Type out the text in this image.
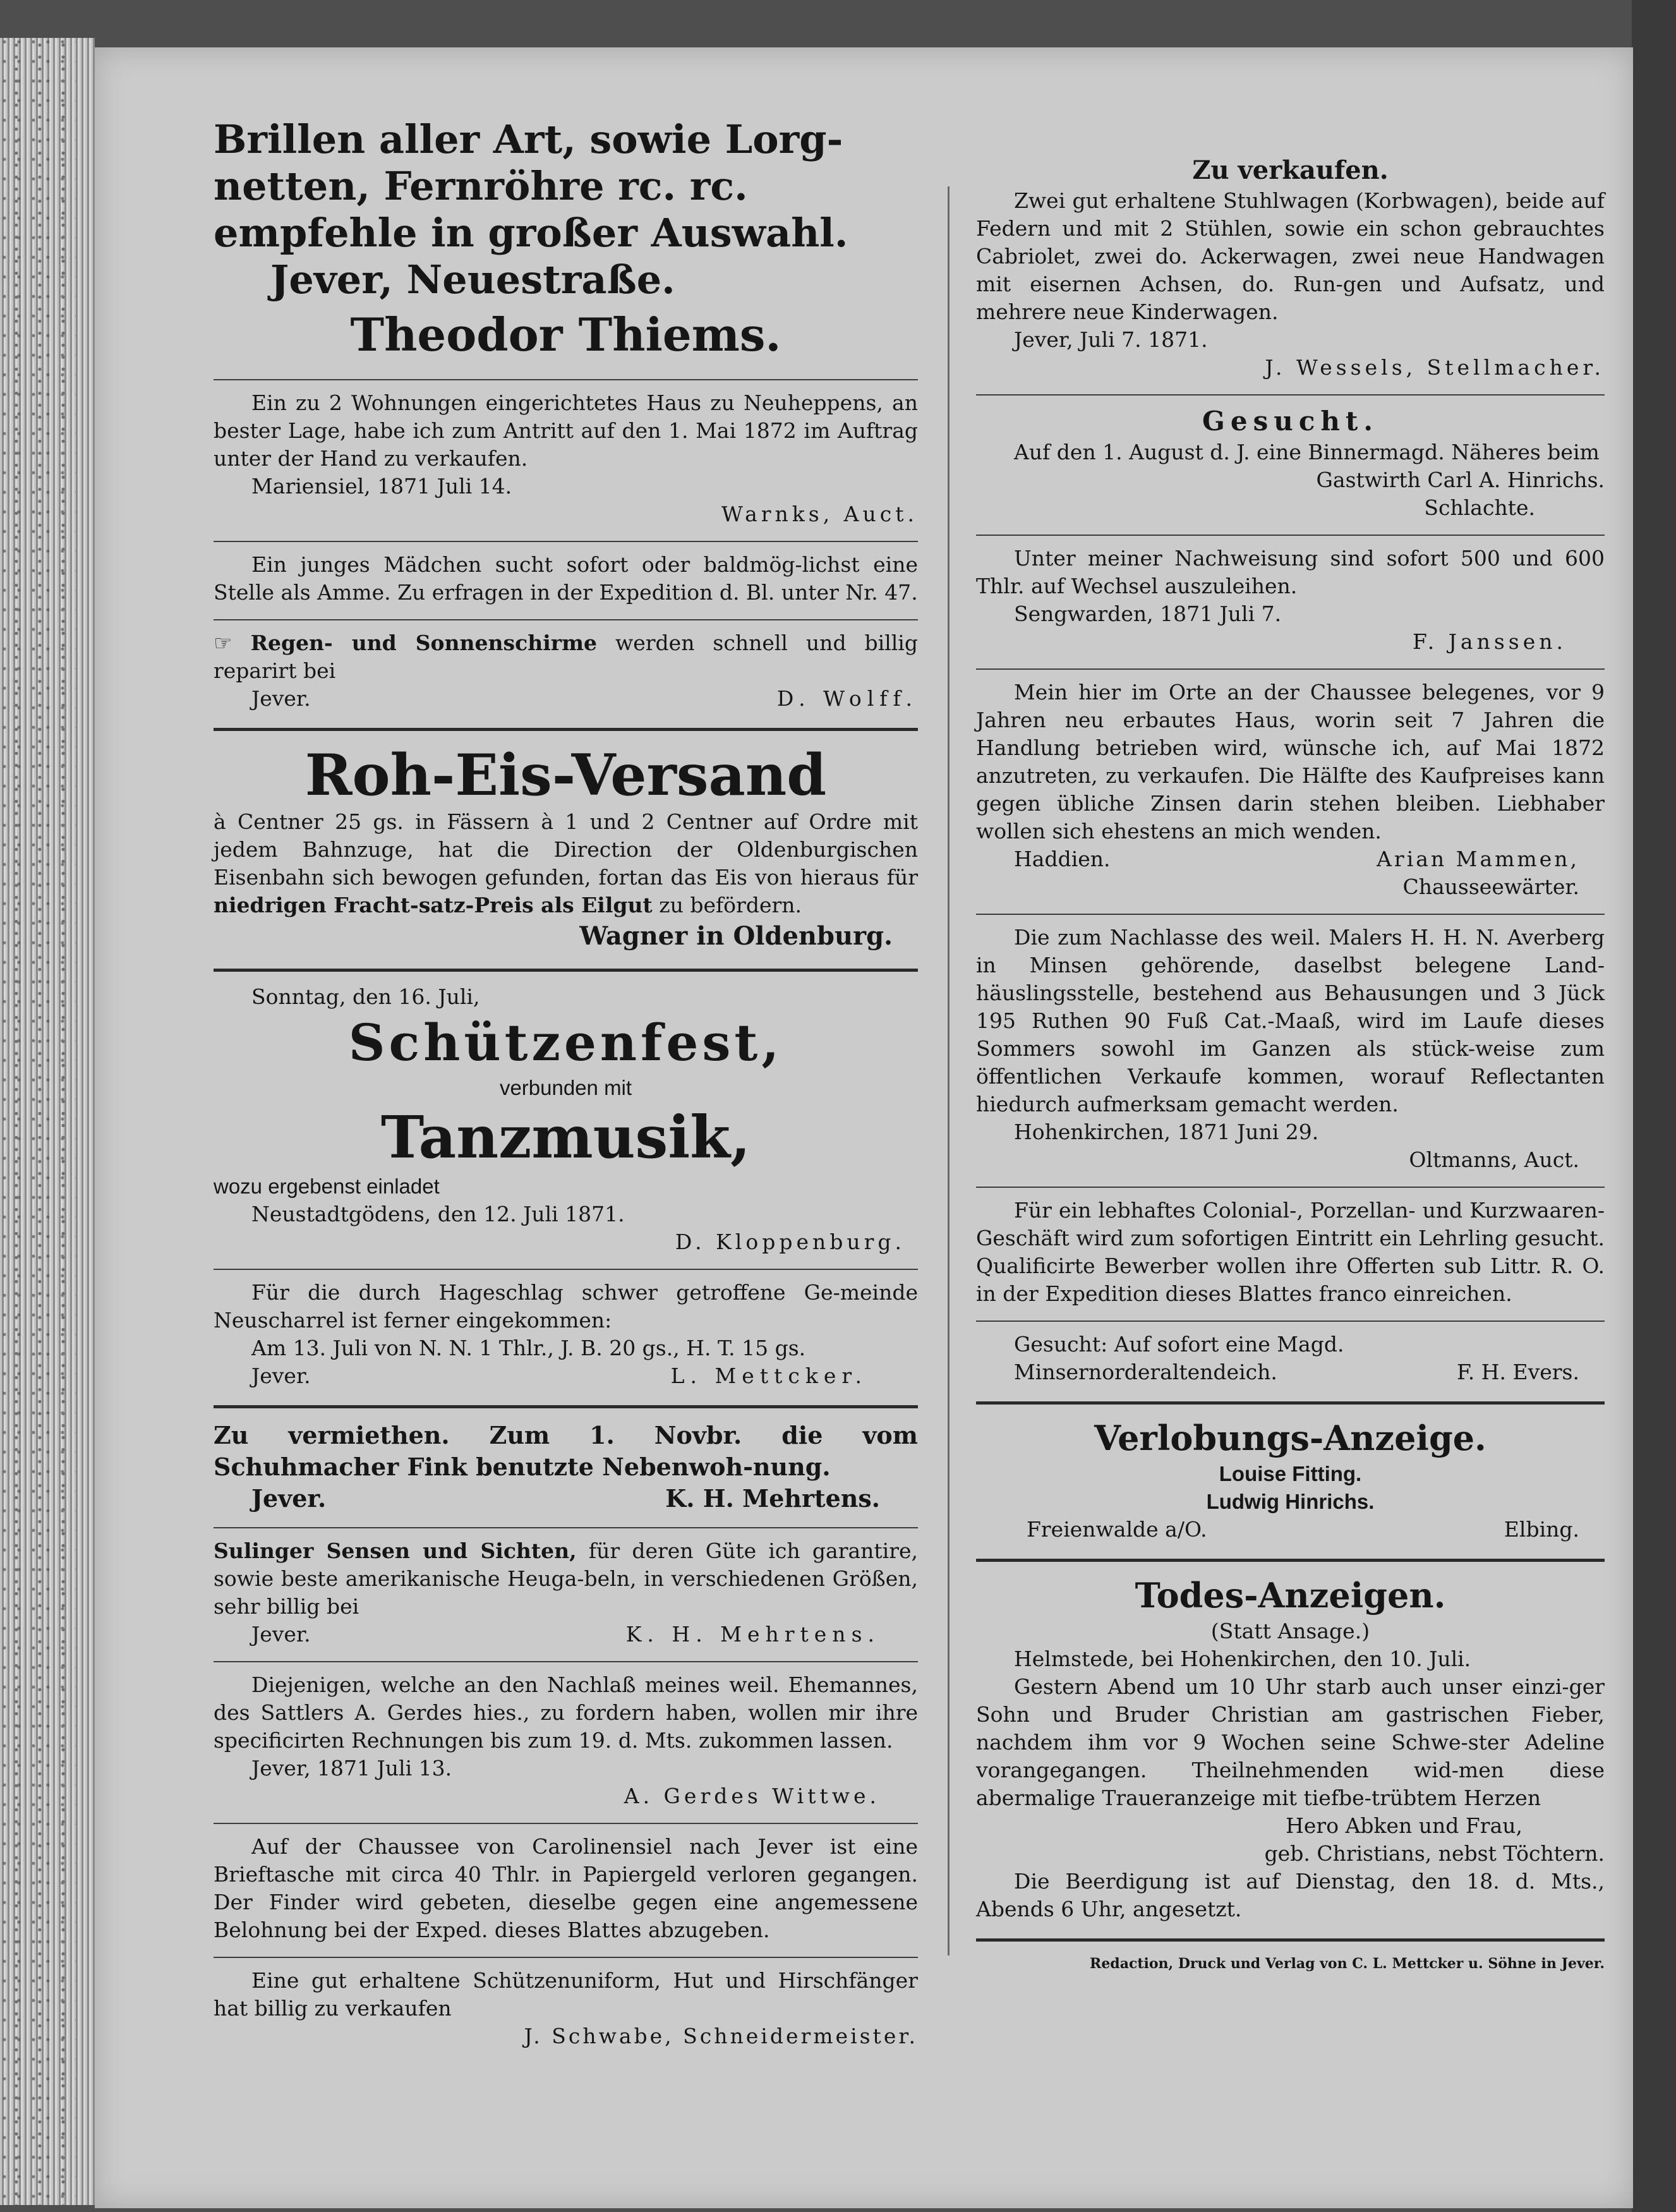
Brillen aller Art, sowie Lorg-netten, Fernröhre rc. rc. empfehle in großer Auswahl.

Jever, Neuestraße.

Theodor Thiems.

Ein zu 2 Wohnungen eingerichtetes Haus zu Neuheppens, an bester Lage, habe ich zum Antritt auf den 1. Mai 1872 im Auftrag unter der Hand zu verkaufen.

Mariensiel, 1871 Juli 14.

Warnks, Auct.

Ein junges Mädchen sucht sofort oder baldmög-lichst eine Stelle als Amme. Zu erfragen in der Expedition d. Bl. unter Nr. 47.

☞ Regen- und Sonnenschirme werden schnell und billig reparirt bei

Jever.	D. Wolff.

Roh-Eis-Versand

à Centner 25 gs. in Fässern à 1 und 2 Centner auf Ordre mit jedem Bahnzuge, hat die Direction der Oldenburgischen Eisenbahn sich bewogen gefunden, fortan das Eis von hieraus für niedrigen Fracht-satz-Preis als Eilgut zu befördern.

Wagner in Oldenburg.

Sonntag, den 16. Juli,

Schützenfest,

verbunden mit

Tanzmusik,

wozu ergebenst einladet

Neustadtgödens, den 12. Juli 1871.

D. Kloppenburg.

Für die durch Hageschlag schwer getroffene Ge-meinde Neuscharrel ist ferner eingekommen:

Am 13. Juli von N. N. 1 Thlr., J. B. 20 gs., H. T. 15 gs.

Jever.	L. Mettcker.

Zu vermiethen. Zum 1. Novbr. die vom Schuhmacher Fink benutzte Nebenwoh-nung.

Jever.	K. H. Mehrtens.

Sulinger Sensen und Sichten, für deren Güte ich garantire, sowie beste amerikanische Heuga-beln, in verschiedenen Größen, sehr billig bei

Jever.	K. H. Mehrtens.

Diejenigen, welche an den Nachlaß meines weil. Ehemannes, des Sattlers A. Gerdes hies., zu fordern haben, wollen mir ihre specificirten Rechnungen bis zum 19. d. Mts. zukommen lassen.

Jever, 1871 Juli 13.

A. Gerdes Wittwe.

Auf der Chaussee von Carolinensiel nach Jever ist eine Brieftasche mit circa 40 Thlr. in Papiergeld verloren gegangen. Der Finder wird gebeten, dieselbe gegen eine angemessene Belohnung bei der Exped. dieses Blattes abzugeben.

Eine gut erhaltene Schützenuniform, Hut und Hirschfänger hat billig zu verkaufen

J. Schwabe, Schneidermeister.

Zu verkaufen.

Zwei gut erhaltene Stuhlwagen (Korbwagen), beide auf Federn und mit 2 Stühlen, sowie ein schon gebrauchtes Cabriolet, zwei do. Ackerwagen, zwei neue Handwagen mit eisernen Achsen, do. Run-gen und Aufsatz, und mehrere neue Kinderwagen.

Jever, Juli 7. 1871.

J. Wessels, Stellmacher.

Gesucht.

Auf den 1. August d. J. eine Binnermagd. Näheres beim

Gastwirth Carl A. Hinrichs.

Schlachte.

Unter meiner Nachweisung sind sofort 500 und 600 Thlr. auf Wechsel auszuleihen.

Sengwarden, 1871 Juli 7.

F. Janssen.

Mein hier im Orte an der Chaussee belegenes, vor 9 Jahren neu erbautes Haus, worin seit 7 Jahren die Handlung betrieben wird, wünsche ich, auf Mai 1872 anzutreten, zu verkaufen. Die Hälfte des Kaufpreises kann gegen übliche Zinsen darin stehen bleiben. Liebhaber wollen sich ehestens an mich wenden.

Haddien.	Arian Mammen,

Chausseewärter.

Die zum Nachlasse des weil. Malers H. H. N. Averberg in Minsen gehörende, daselbst belegene Land-häuslingsstelle, bestehend aus Behausungen und 3 Jück 195 Ruthen 90 Fuß Cat.-Maaß, wird im Laufe dieses Sommers sowohl im Ganzen als stück-weise zum öffentlichen Verkaufe kommen, worauf Reflectanten hiedurch aufmerksam gemacht werden.

Hohenkirchen, 1871 Juni 29.

Oltmanns, Auct.

Für ein lebhaftes Colonial-, Porzellan- und Kurzwaaren-Geschäft wird zum sofortigen Eintritt ein Lehrling gesucht. Qualificirte Bewerber wollen ihre Offerten sub Littr. R. O. in der Expedition dieses Blattes franco einreichen.

Gesucht: Auf sofort eine Magd.

Minsernorderaltendeich.	F. H. Evers.

Verlobungs-Anzeige.

Louise Fitting.

Ludwig Hinrichs.

Freienwalde a/O.	Elbing.

Todes-Anzeigen.

(Statt Ansage.)

Helmstede, bei Hohenkirchen, den 10. Juli.

Gestern Abend um 10 Uhr starb auch unser einzi-ger Sohn und Bruder Christian am gastrischen Fieber, nachdem ihm vor 9 Wochen seine Schwe-ster Adeline vorangegangen. Theilnehmenden wid-men diese abermalige Traueranzeige mit tiefbe-trübtem Herzen

Hero Abken und Frau,

geb. Christians, nebst Töchtern.

Die Beerdigung ist auf Dienstag, den 18. d. Mts., Abends 6 Uhr, angesetzt.

Redaction, Druck und Verlag von C. L. Mettcker u. Söhne in Jever.
